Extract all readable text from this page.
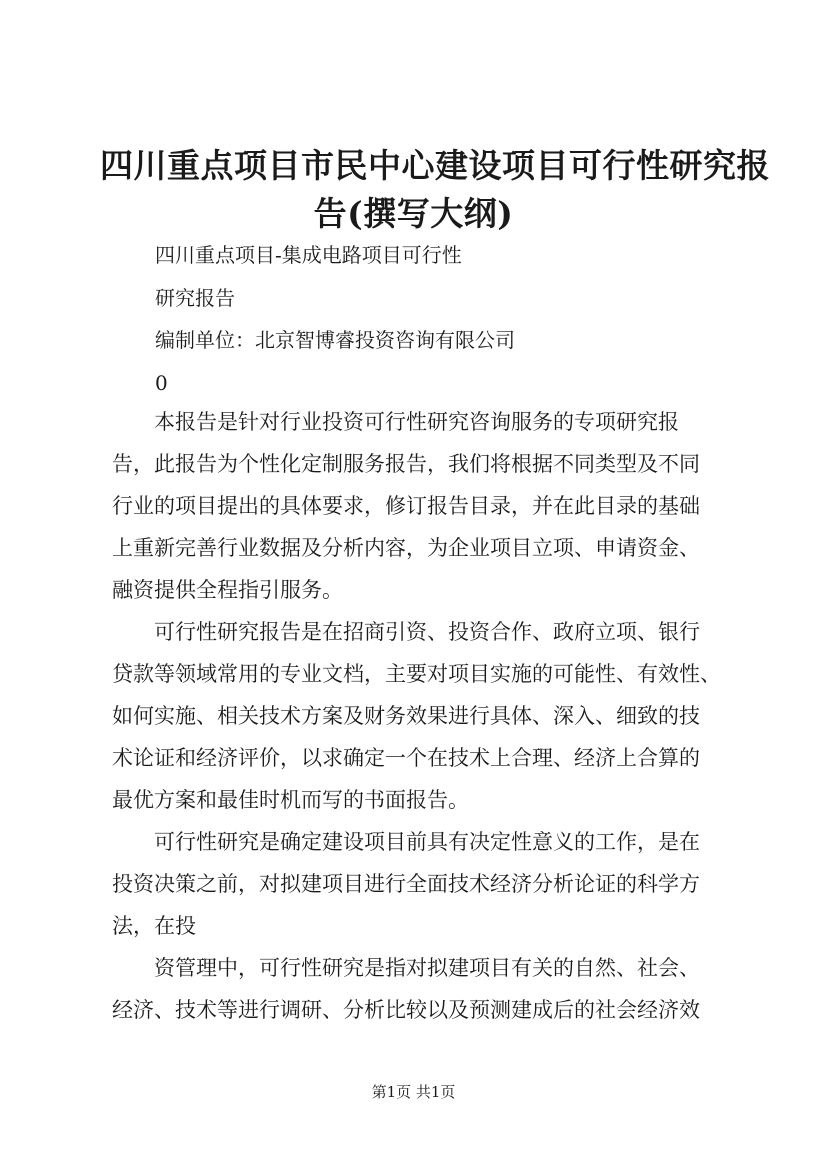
四川重点项目市民中心建设项目可行性研究报
告(撰写大纲)

四川重点项目-集成电路项目可行性

研究报告

编制单位：北京智博睿投资咨询有限公司

0

本报告是针对行业投资可行性研究咨询服务的专项研究报
告，此报告为个性化定制服务报告，我们将根据不同类型及不同
行业的项目提出的具体要求，修订报告目录，并在此目录的基础
上重新完善行业数据及分析内容，为企业项目立项、申请资金、
融资提供全程指引服务。

可行性研究报告是在招商引资、投资合作、政府立项、银行
贷款等领域常用的专业文档，主要对项目实施的可能性、有效性、
如何实施、相关技术方案及财务效果进行具体、深入、细致的技
术论证和经济评价，以求确定一个在技术上合理、经济上合算的
最优方案和最佳时机而写的书面报告。

可行性研究是确定建设项目前具有决定性意义的工作，是在
投资决策之前，对拟建项目进行全面技术经济分析论证的科学方
法，在投

资管理中，可行性研究是指对拟建项目有关的自然、社会、
经济、技术等进行调研、分析比较以及预测建成后的社会经济效

第1页 共1页
